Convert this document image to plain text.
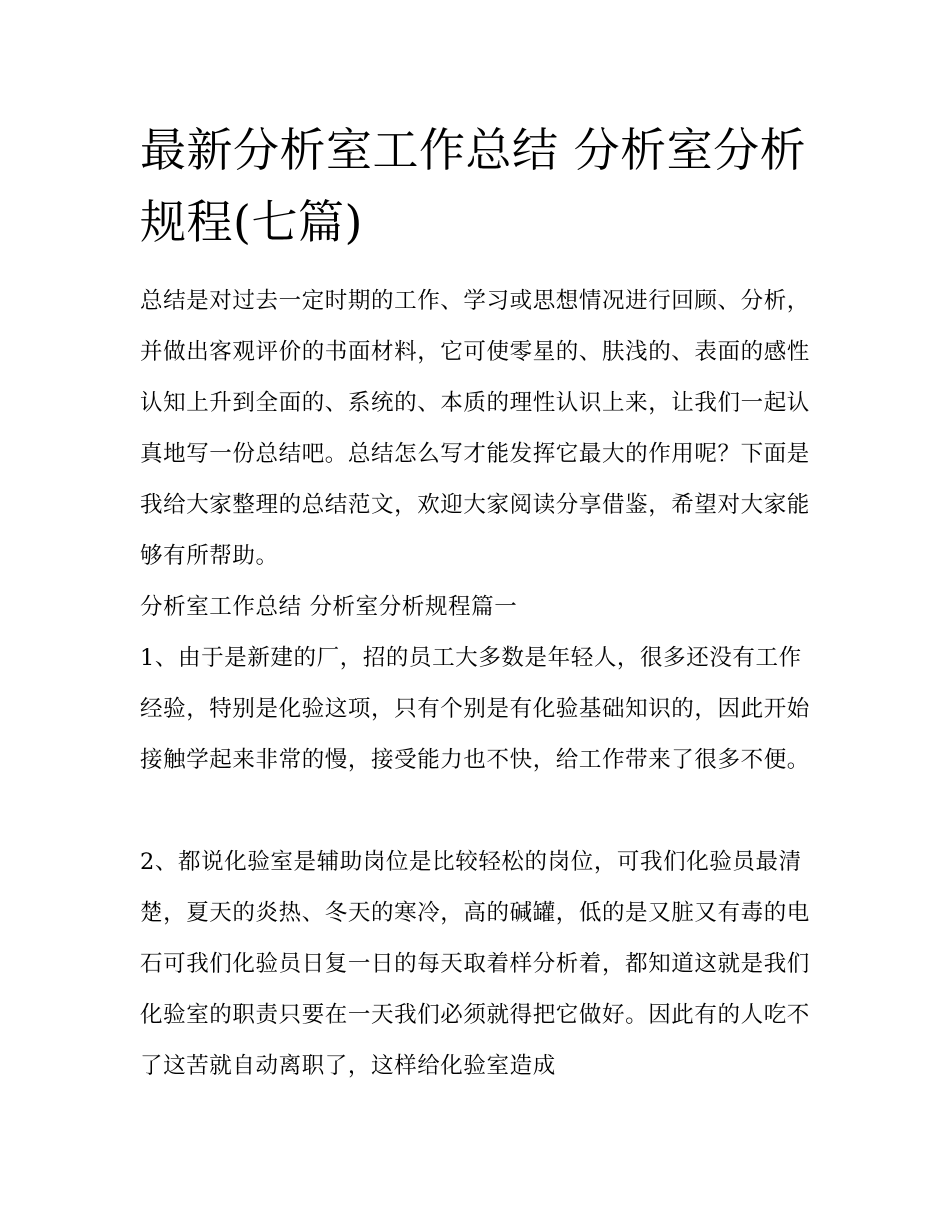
最新分析室工作总结 分析室分析规程(七篇)

总结是对过去一定时期的工作、学习或思想情况进行回顾、分析，并做出客观评价的书面材料，它可使零星的、肤浅的、表面的感性认知上升到全面的、系统的、本质的理性认识上来，让我们一起认真地写一份总结吧。总结怎么写才能发挥它最大的作用呢？下面是我给大家整理的总结范文，欢迎大家阅读分享借鉴，希望对大家能够有所帮助。

分析室工作总结 分析室分析规程篇一

1、由于是新建的厂，招的员工大多数是年轻人，很多还没有工作经验，特别是化验这项，只有个别是有化验基础知识的，因此开始接触学起来非常的慢，接受能力也不快，给工作带来了很多不便。

2、都说化验室是辅助岗位是比较轻松的岗位，可我们化验员最清楚，夏天的炎热、冬天的寒冷，高的碱罐，低的是又脏又有毒的电石可我们化验员日复一日的每天取着样分析着，都知道这就是我们化验室的职责只要在一天我们必须就得把它做好。因此有的人吃不了这苦就自动离职了，这样给化验室造成
